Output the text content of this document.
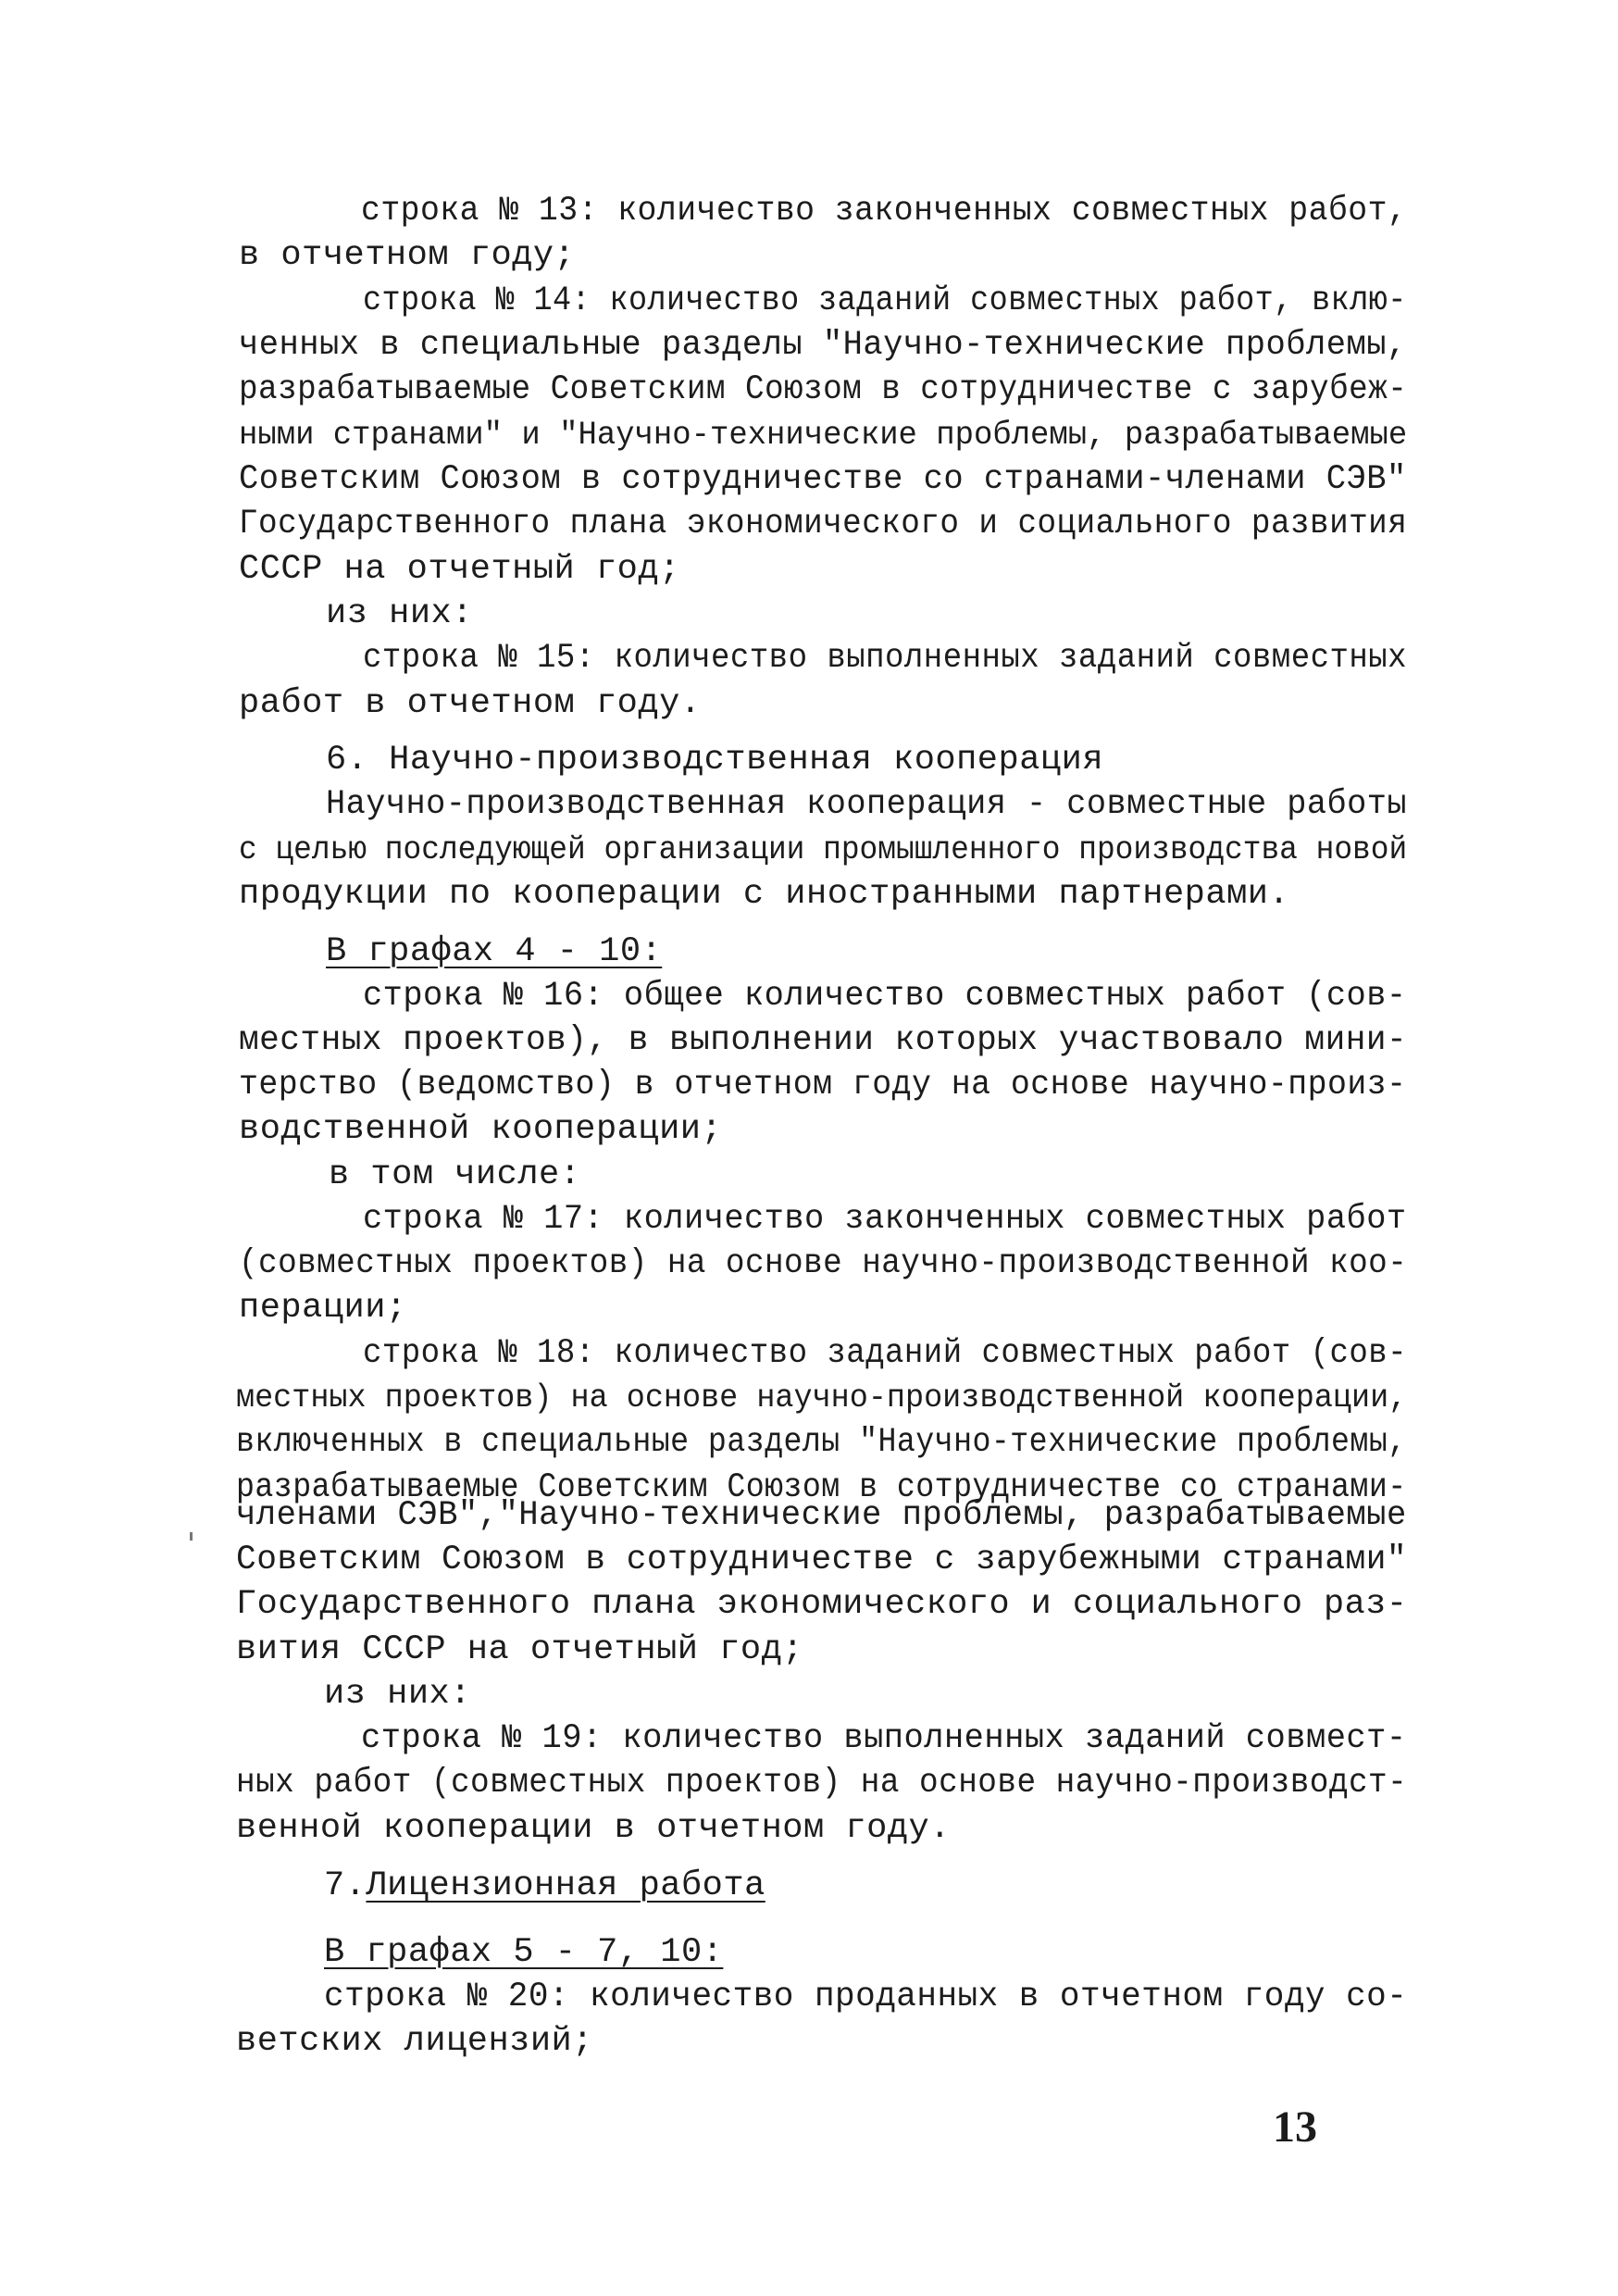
строка № 13: количество законченных совместных работ,
в отчетном году;
строка № 14: количество заданий совместных работ, вклю-
ченных в специальные разделы "Научно-технические проблемы,
разрабатываемые Советским Союзом в сотрудничестве с зарубеж-
ными странами" и "Научно-технические проблемы, разрабатываемые
Советским Союзом в сотрудничестве со странами-членами СЭВ"
Государственного плана экономического и социального развития
СССР на отчетный год;
из них:
строка № 15: количество выполненных заданий совместных
работ в отчетном году.
6. Научно-производственная кооперация
Научно-производственная кооперация - совместные работы
с целью последующей организации промышленного производства новой
продукции по кооперации с иностранными партнерами.
В графах 4 - 10:
строка № 16: общее количество совместных работ (сов-
местных проектов), в выполнении которых участвовало мини-
терство (ведомство) в отчетном году на основе научно-произ-
водственной кооперации;
в том числе:
строка № 17: количество законченных совместных работ
(совместных проектов) на основе научно-производственной коо-
перации;
строка № 18: количество заданий совместных работ (сов-
местных проектов) на основе научно-производственной кооперации,
включенных в специальные разделы "Научно-технические проблемы,
разрабатываемые Советским Союзом в сотрудничестве со странами-
членами СЭВ","Научно-технические проблемы, разрабатываемые
Советским Союзом в сотрудничестве с зарубежными странами"
Государственного плана экономического и социального раз-
вития СССР на отчетный год;
из них:
строка № 19: количество выполненных заданий совмест-
ных работ (совместных проектов) на основе научно-производст-
венной кооперации в отчетном году.
7.Лицензионная работа
В графах 5 - 7, 10:
строка № 20: количество проданных в отчетном году со-
ветских лицензий;
13
